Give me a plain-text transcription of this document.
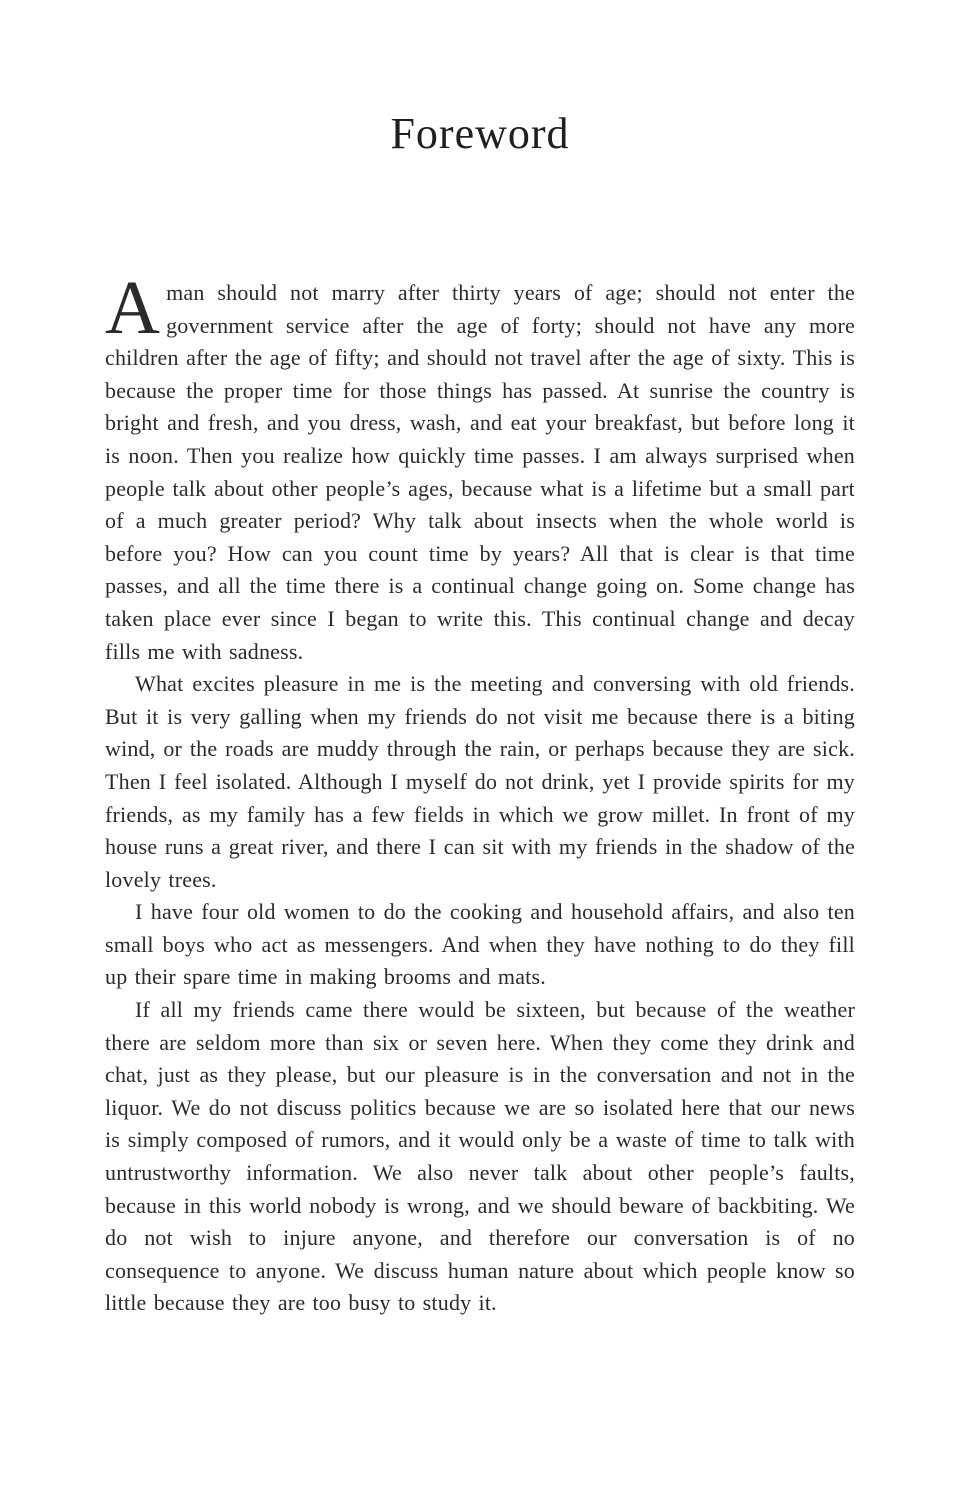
Foreword

Aman should not marry after thirty years of age; should not enter the government service after the age of forty; should not have any more children after the age of fifty; and should not travel after the age of sixty. This is because the proper time for those things has passed. At sunrise the country is bright and fresh, and you dress, wash, and eat your breakfast, but before long it is noon. Then you realize how quickly time passes. I am always surprised when people talk about other people’s ages, because what is a lifetime but a small part of a much greater period? Why talk about insects when the whole world is before you? How can you count time by years? All that is clear is that time passes, and all the time there is a continual change going on. Some change has taken place ever since I began to write this. This continual change and decay fills me with sadness.

What excites pleasure in me is the meeting and conversing with old friends. But it is very galling when my friends do not visit me because there is a biting wind, or the roads are muddy through the rain, or perhaps because they are sick. Then I feel isolated. Although I myself do not drink, yet I provide spirits for my friends, as my family has a few fields in which we grow millet. In front of my house runs a great river, and there I can sit with my friends in the shadow of the lovely trees.

I have four old women to do the cooking and household affairs, and also ten small boys who act as messengers. And when they have nothing to do they fill up their spare time in making brooms and mats.

If all my friends came there would be sixteen, but because of the weather there are seldom more than six or seven here. When they come they drink and chat, just as they please, but our pleasure is in the conversation and not in the liquor. We do not discuss politics because we are so isolated here that our news is simply composed of rumors, and it would only be a waste of time to talk with untrustworthy information. We also never talk about other people’s faults, because in this world nobody is wrong, and we should beware of backbiting. We do not wish to injure anyone, and therefore our conversation is of no consequence to anyone. We discuss human nature about which people know so little because they are too busy to study it.
